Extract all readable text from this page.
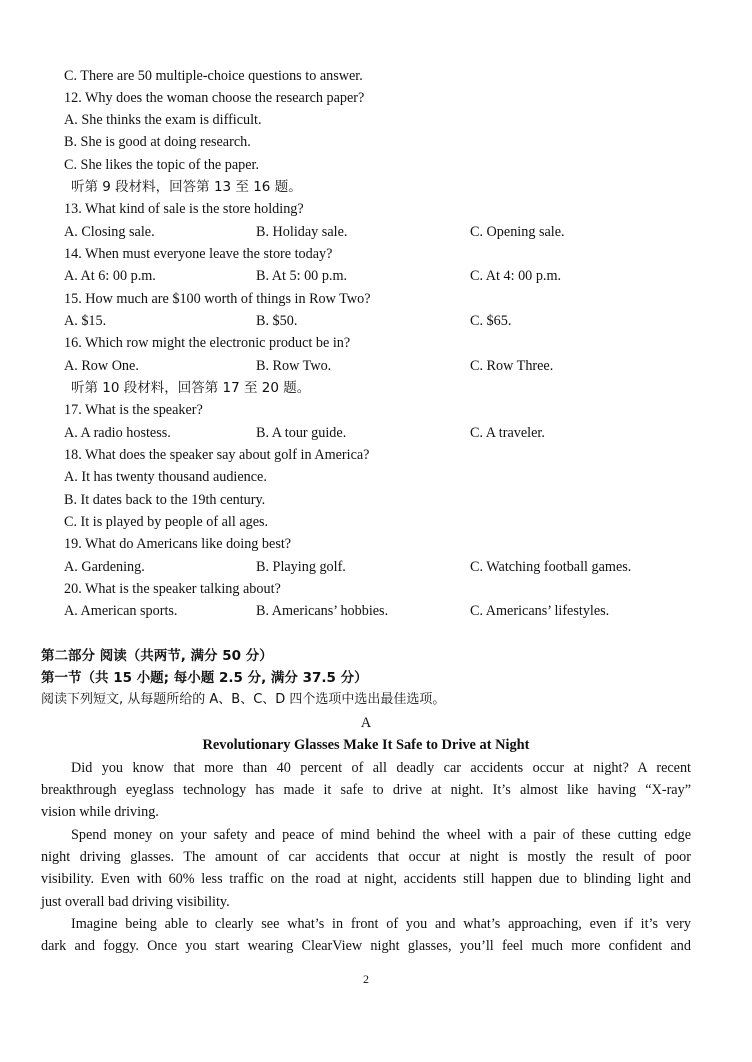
C. There are 50 multiple-choice questions to answer.
12. Why does the woman choose the research paper?
A. She thinks the exam is difficult.
B. She is good at doing research.
C. She likes the topic of the paper.
听第 9 段材料，回答第 13 至 16 题。
13. What kind of sale is the store holding?
A. Closing sale.	B. Holiday sale.	C. Opening sale.
14. When must everyone leave the store today?
A. At 6: 00 p.m.	B. At 5: 00 p.m.	C. At 4: 00 p.m.
15. How much are $100 worth of things in Row Two?
A. $15.	B. $50.	C. $65.
16. Which row might the electronic product be in?
A. Row One.	B. Row Two.	C. Row Three.
听第 10 段材料，回答第 17 至 20 题。
17. What is the speaker?
A. A radio hostess.	B. A tour guide.	C. A traveler.
18. What does the speaker say about golf in America?
A. It has twenty thousand audience.
B. It dates back to the 19th century.
C. It is played by people of all ages.
19. What do Americans like doing best?
A. Gardening.	B. Playing golf.	C. Watching football games.
20. What is the speaker talking about?
A. American sports.	B. Americans’ hobbies.	C. Americans’ lifestyles.
第二部分 阅读（共两节, 满分 50 分）
第一节（共 15 小题; 每小题 2.5 分, 满分 37.5 分）
阅读下列短文, 从每题所给的 A、B、C、D 四个选项中选出最佳选项。
A
Revolutionary Glasses Make It Safe to Drive at Night
Did you know that more than 40 percent of all deadly car accidents occur at night? A recent
breakthrough eyeglass technology has made it safe to drive at night. It’s almost like having “X-ray”
vision while driving.
Spend money on your safety and peace of mind behind the wheel with a pair of these cutting edge
night driving glasses. The amount of car accidents that occur at night is mostly the result of poor
visibility. Even with 60% less traffic on the road at night, accidents still happen due to blinding light and
just overall bad driving visibility.
Imagine being able to clearly see what’s in front of you and what’s approaching, even if it’s very
dark and foggy. Once you start wearing ClearView night glasses, you’ll feel much more confident and
2
